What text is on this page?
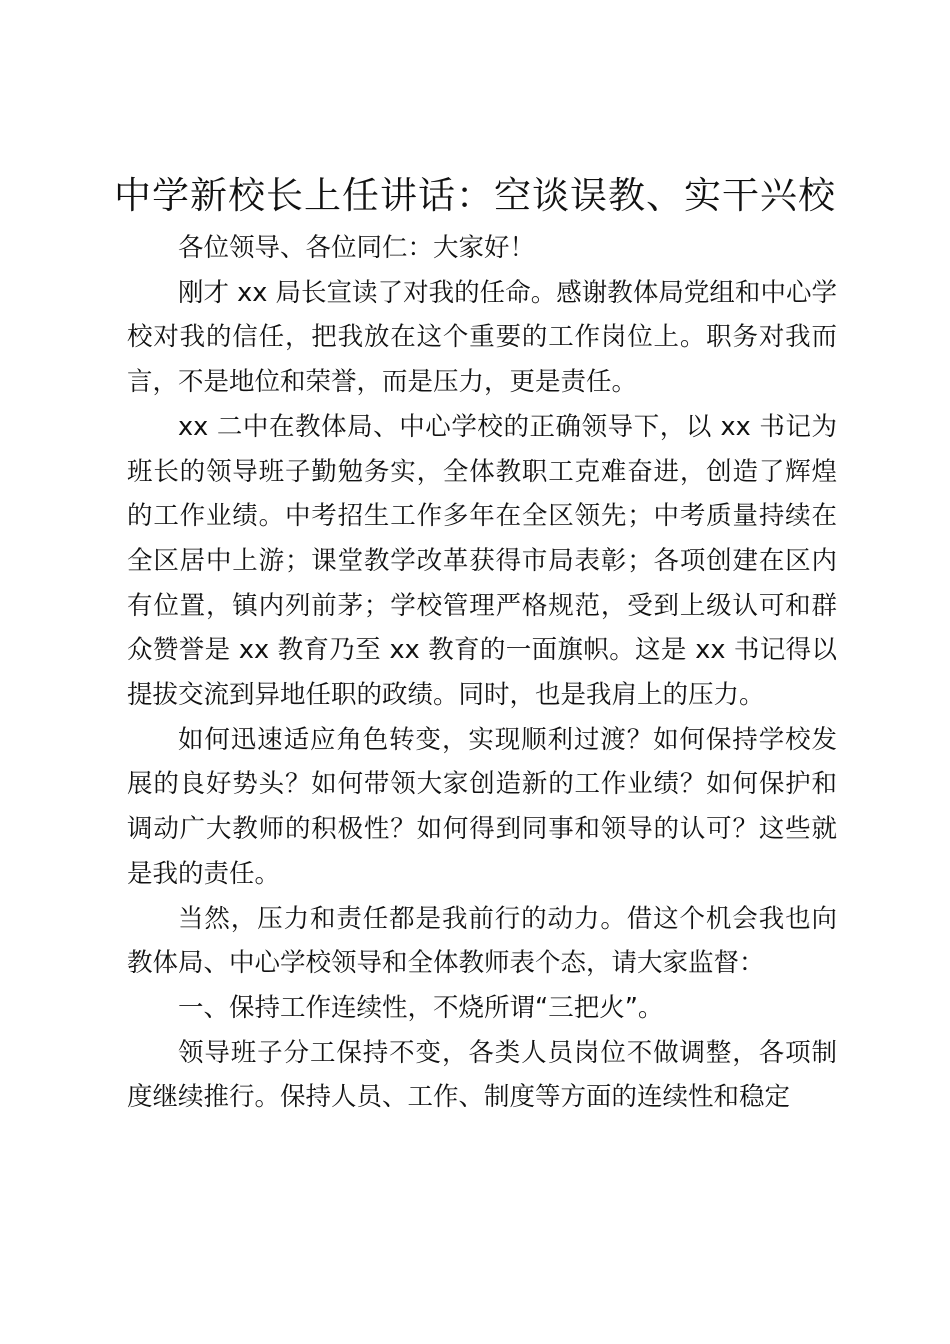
中学新校长上任讲话：空谈误教、实干兴校

各位领导、各位同仁：大家好！

刚才 xx 局长宣读了对我的任命。感谢教体局党组和中心学校对我的信任，把我放在这个重要的工作岗位上。职务对我而言，不是地位和荣誉，而是压力，更是责任。

xx 二中在教体局、中心学校的正确领导下，以 xx 书记为班长的领导班子勤勉务实，全体教职工克难奋进，创造了辉煌的工作业绩。中考招生工作多年在全区领先；中考质量持续在全区居中上游；课堂教学改革获得市局表彰；各项创建在区内有位置，镇内列前茅；学校管理严格规范，受到上级认可和群众赞誉是 xx 教育乃至 xx 教育的一面旗帜。这是 xx 书记得以提拔交流到异地任职的政绩。同时，也是我肩上的压力。

如何迅速适应角色转变，实现顺利过渡？如何保持学校发展的良好势头？如何带领大家创造新的工作业绩？如何保护和调动广大教师的积极性？如何得到同事和领导的认可？这些就是我的责任。

当然，压力和责任都是我前行的动力。借这个机会我也向教体局、中心学校领导和全体教师表个态，请大家监督：

一、保持工作连续性，不烧所谓“三把火”。

领导班子分工保持不变，各类人员岗位不做调整，各项制度继续推行。保持人员、工作、制度等方面的连续性和稳定
